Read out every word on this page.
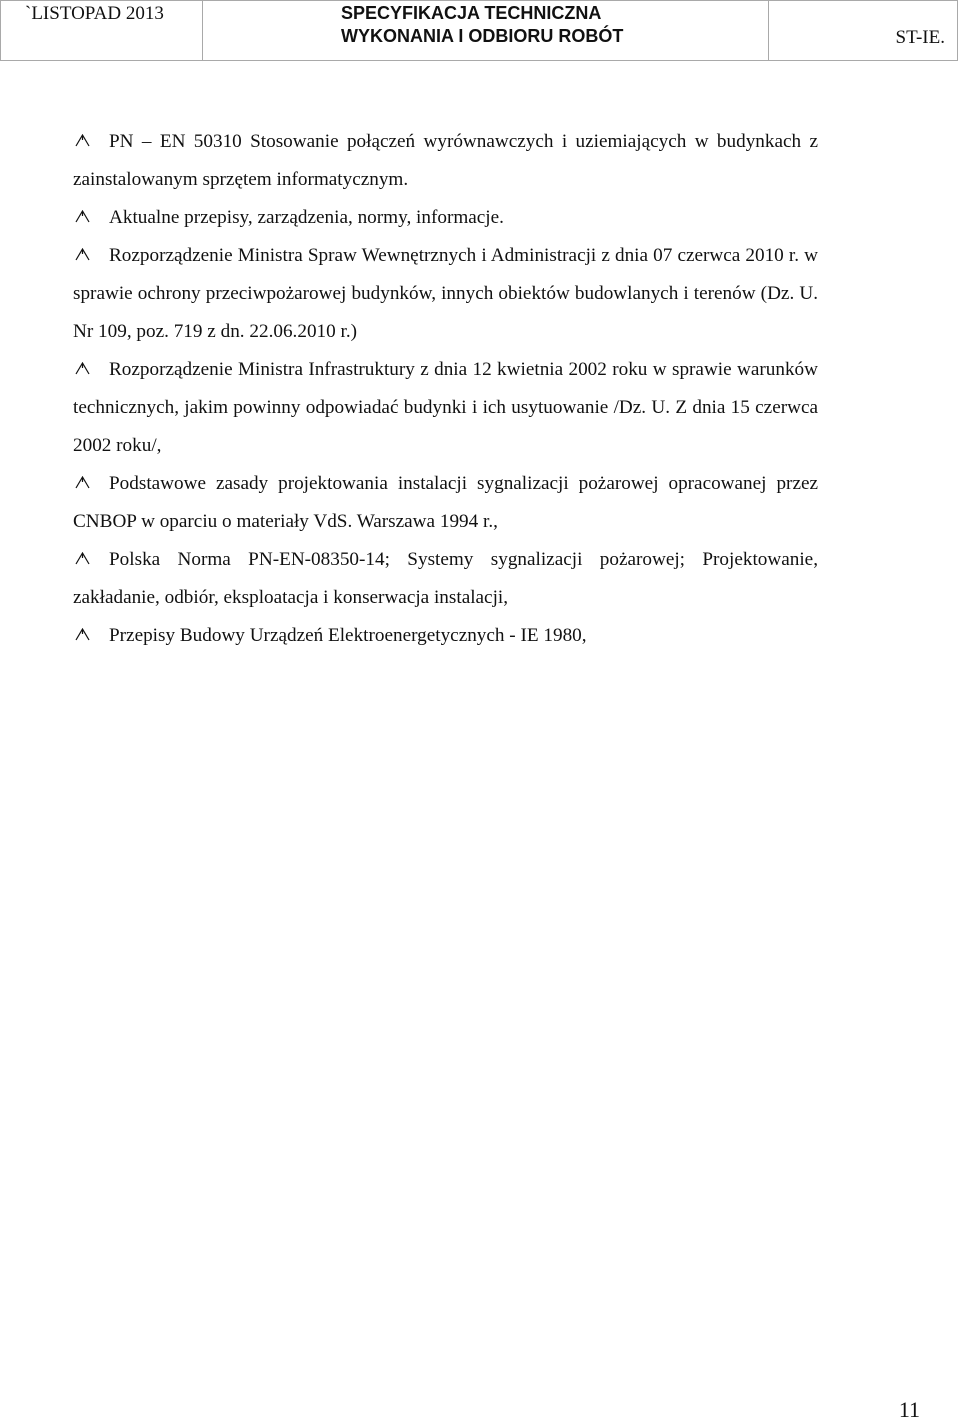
`LISTOPAD 2013	SPECYFIKACJA TECHNICZNA
WYKONANIA I ODBIORU ROBÓT	ST-IE.
PN – EN 50310 Stosowanie połączeń wyrównawczych i uziemiających w budynkach z zainstalowanym sprzętem informatycznym.
Aktualne przepisy, zarządzenia, normy, informacje.
Rozporządzenie Ministra Spraw Wewnętrznych i Administracji z dnia 07 czerwca 2010 r. w sprawie ochrony przeciwpożarowej budynków, innych obiektów budowlanych i terenów (Dz. U. Nr 109, poz. 719 z dn. 22.06.2010 r.)
Rozporządzenie Ministra Infrastruktury z dnia 12 kwietnia 2002 roku w sprawie warunków technicznych, jakim powinny odpowiadać budynki i ich usytuowanie /Dz. U. Z dnia 15 czerwca 2002 roku/,
Podstawowe zasady projektowania instalacji sygnalizacji pożarowej opracowanej przez CNBOP w oparciu o materiały VdS. Warszawa 1994 r.,
Polska Norma PN-EN-08350-14; Systemy sygnalizacji pożarowej; Projektowanie, zakładanie, odbiór, eksploatacja i konserwacja instalacji,
Przepisy Budowy Urządzeń Elektroenergetycznych - IE 1980,
11
